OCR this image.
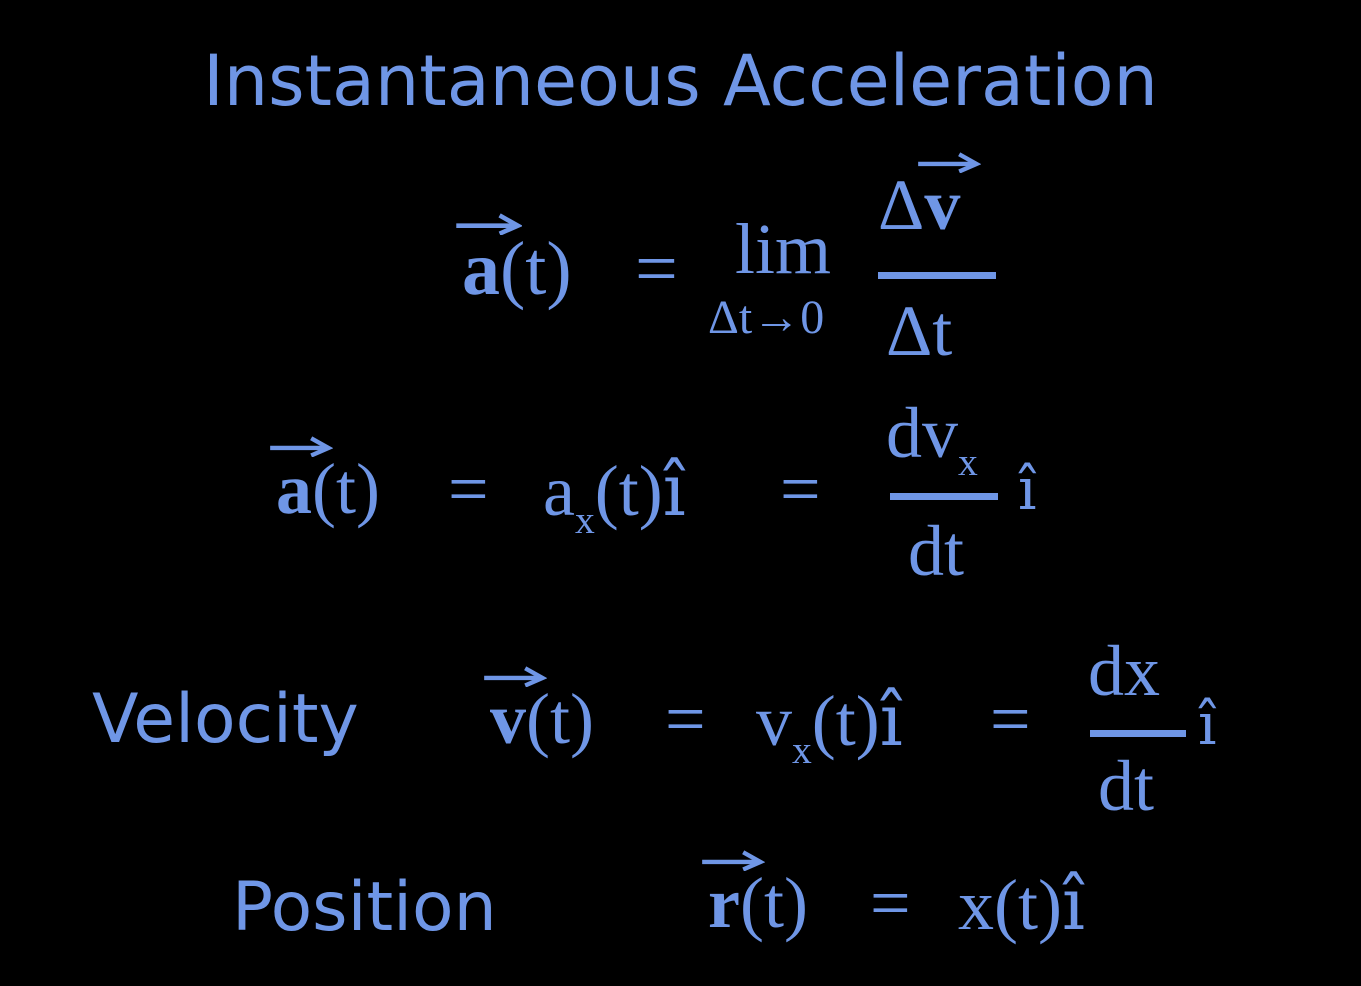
Instantaneous Acceleration
a(t) = lim
Δt→0
Δ
v
Δt
$a(t) = a_x(t)î$ =
$dv_x$
dt
î
Velocity $v(t) = v_x(t)î$ =
dx
dt
î
Position	r(t) = x(t)î
